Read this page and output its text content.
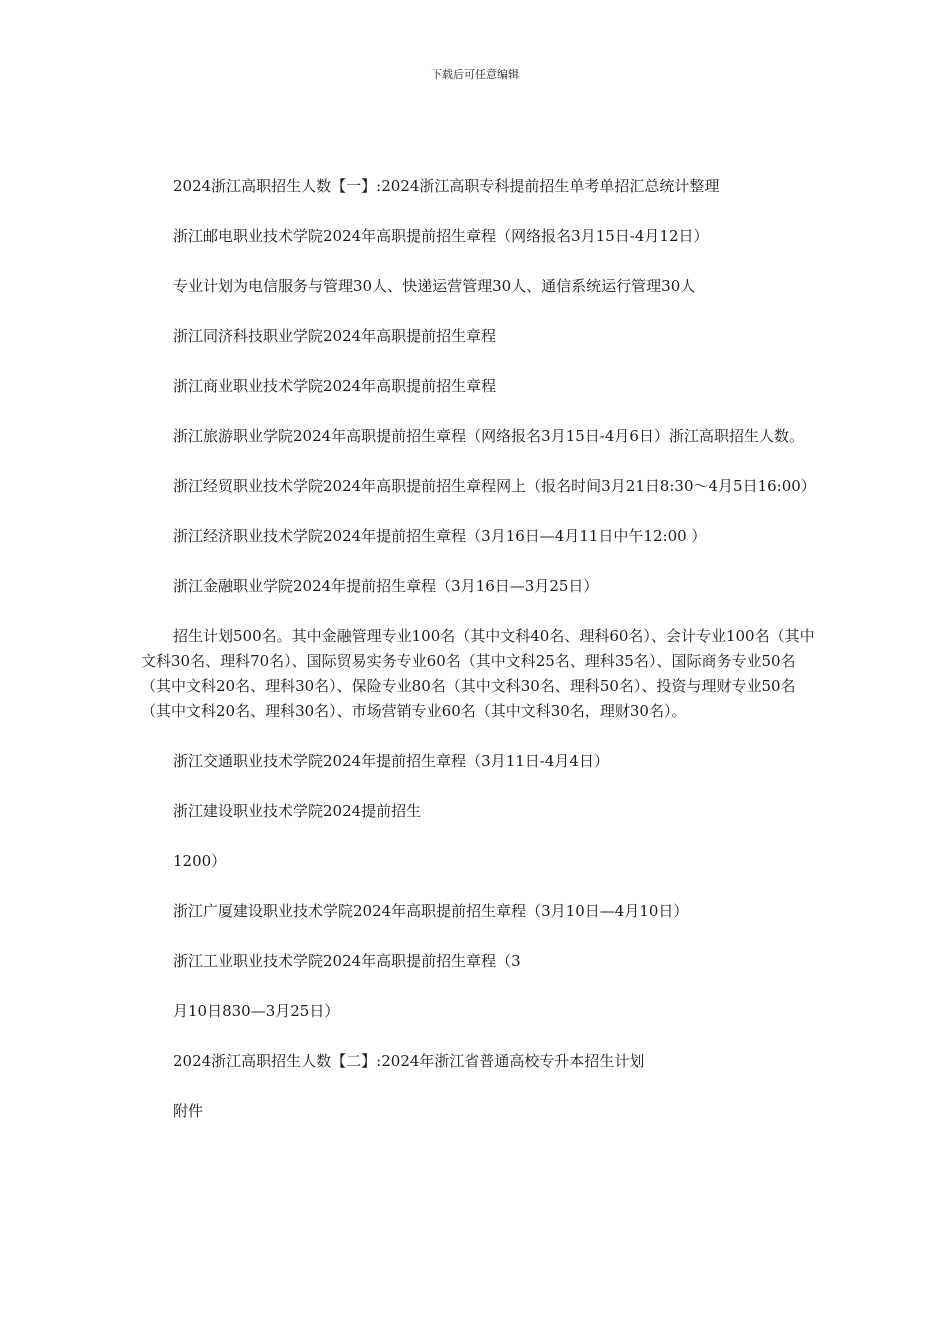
下载后可任意编辑

2024浙江高职招生人数【一】:2024浙江高职专科提前招生单考单招汇总统计整理

浙江邮电职业技术学院2024年高职提前招生章程（网络报名3月15日-4月12日）

专业计划为电信服务与管理30人、快递运营管理30人、通信系统运行管理30人

浙江同济科技职业学院2024年高职提前招生章程

浙江商业职业技术学院2024年高职提前招生章程

浙江旅游职业学院2024年高职提前招生章程（网络报名3月15日-4月6日）浙江高职招生人数。

浙江经贸职业技术学院2024年高职提前招生章程网上（报名时间3月21日8:30～4月5日16:00）

浙江经济职业技术学院2024年提前招生章程（3月16日—4月11日中午12:00 ）

浙江金融职业学院2024年提前招生章程（3月16日—3月25日）

招生计划500名。其中金融管理专业100名（其中文科40名、理科60名）、会计专业100名（其中文科30名、理科70名）、国际贸易实务专业60名（其中文科25名、理科35名）、国际商务专业50名（其中文科20名、理科30名）、保险专业80名（其中文科30名、理科50名）、投资与理财专业50名（其中文科20名、理科30名）、市场营销专业60名（其中文科30名，理财30名）。

浙江交通职业技术学院2024年提前招生章程（3月11日-4月4日）

浙江建设职业技术学院2024提前招生

1200）

浙江广厦建设职业技术学院2024年高职提前招生章程（3月10日—4月10日）

浙江工业职业技术学院2024年高职提前招生章程（3

月10日830—3月25日）

2024浙江高职招生人数【二】:2024年浙江省普通高校专升本招生计划

附件
